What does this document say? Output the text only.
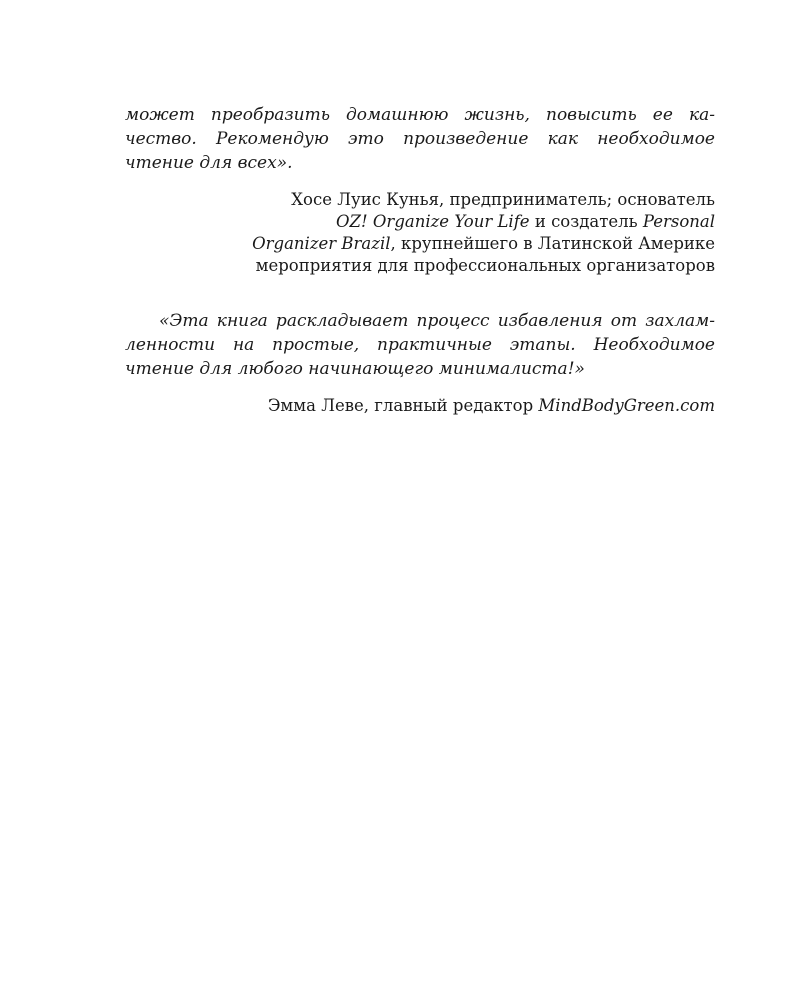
может преобразить домашнюю жизнь, повысить ее ка-
чество. Рекомендую это произведение как необходимое
чтение для всех».
Хосе Луис Кунья, предприниматель; основатель
OZ! Organize Your Life и создатель Personal
Organizer Brazil, крупнейшего в Латинской Америке
мероприятия для профессиональных организаторов
«Эта книга раскладывает процесс избавления от захлам-
ленности на простые, практичные этапы. Необходимое
чтение для любого начинающего минималиста!»
Эмма Леве, главный редактор MindBodyGreen.com
